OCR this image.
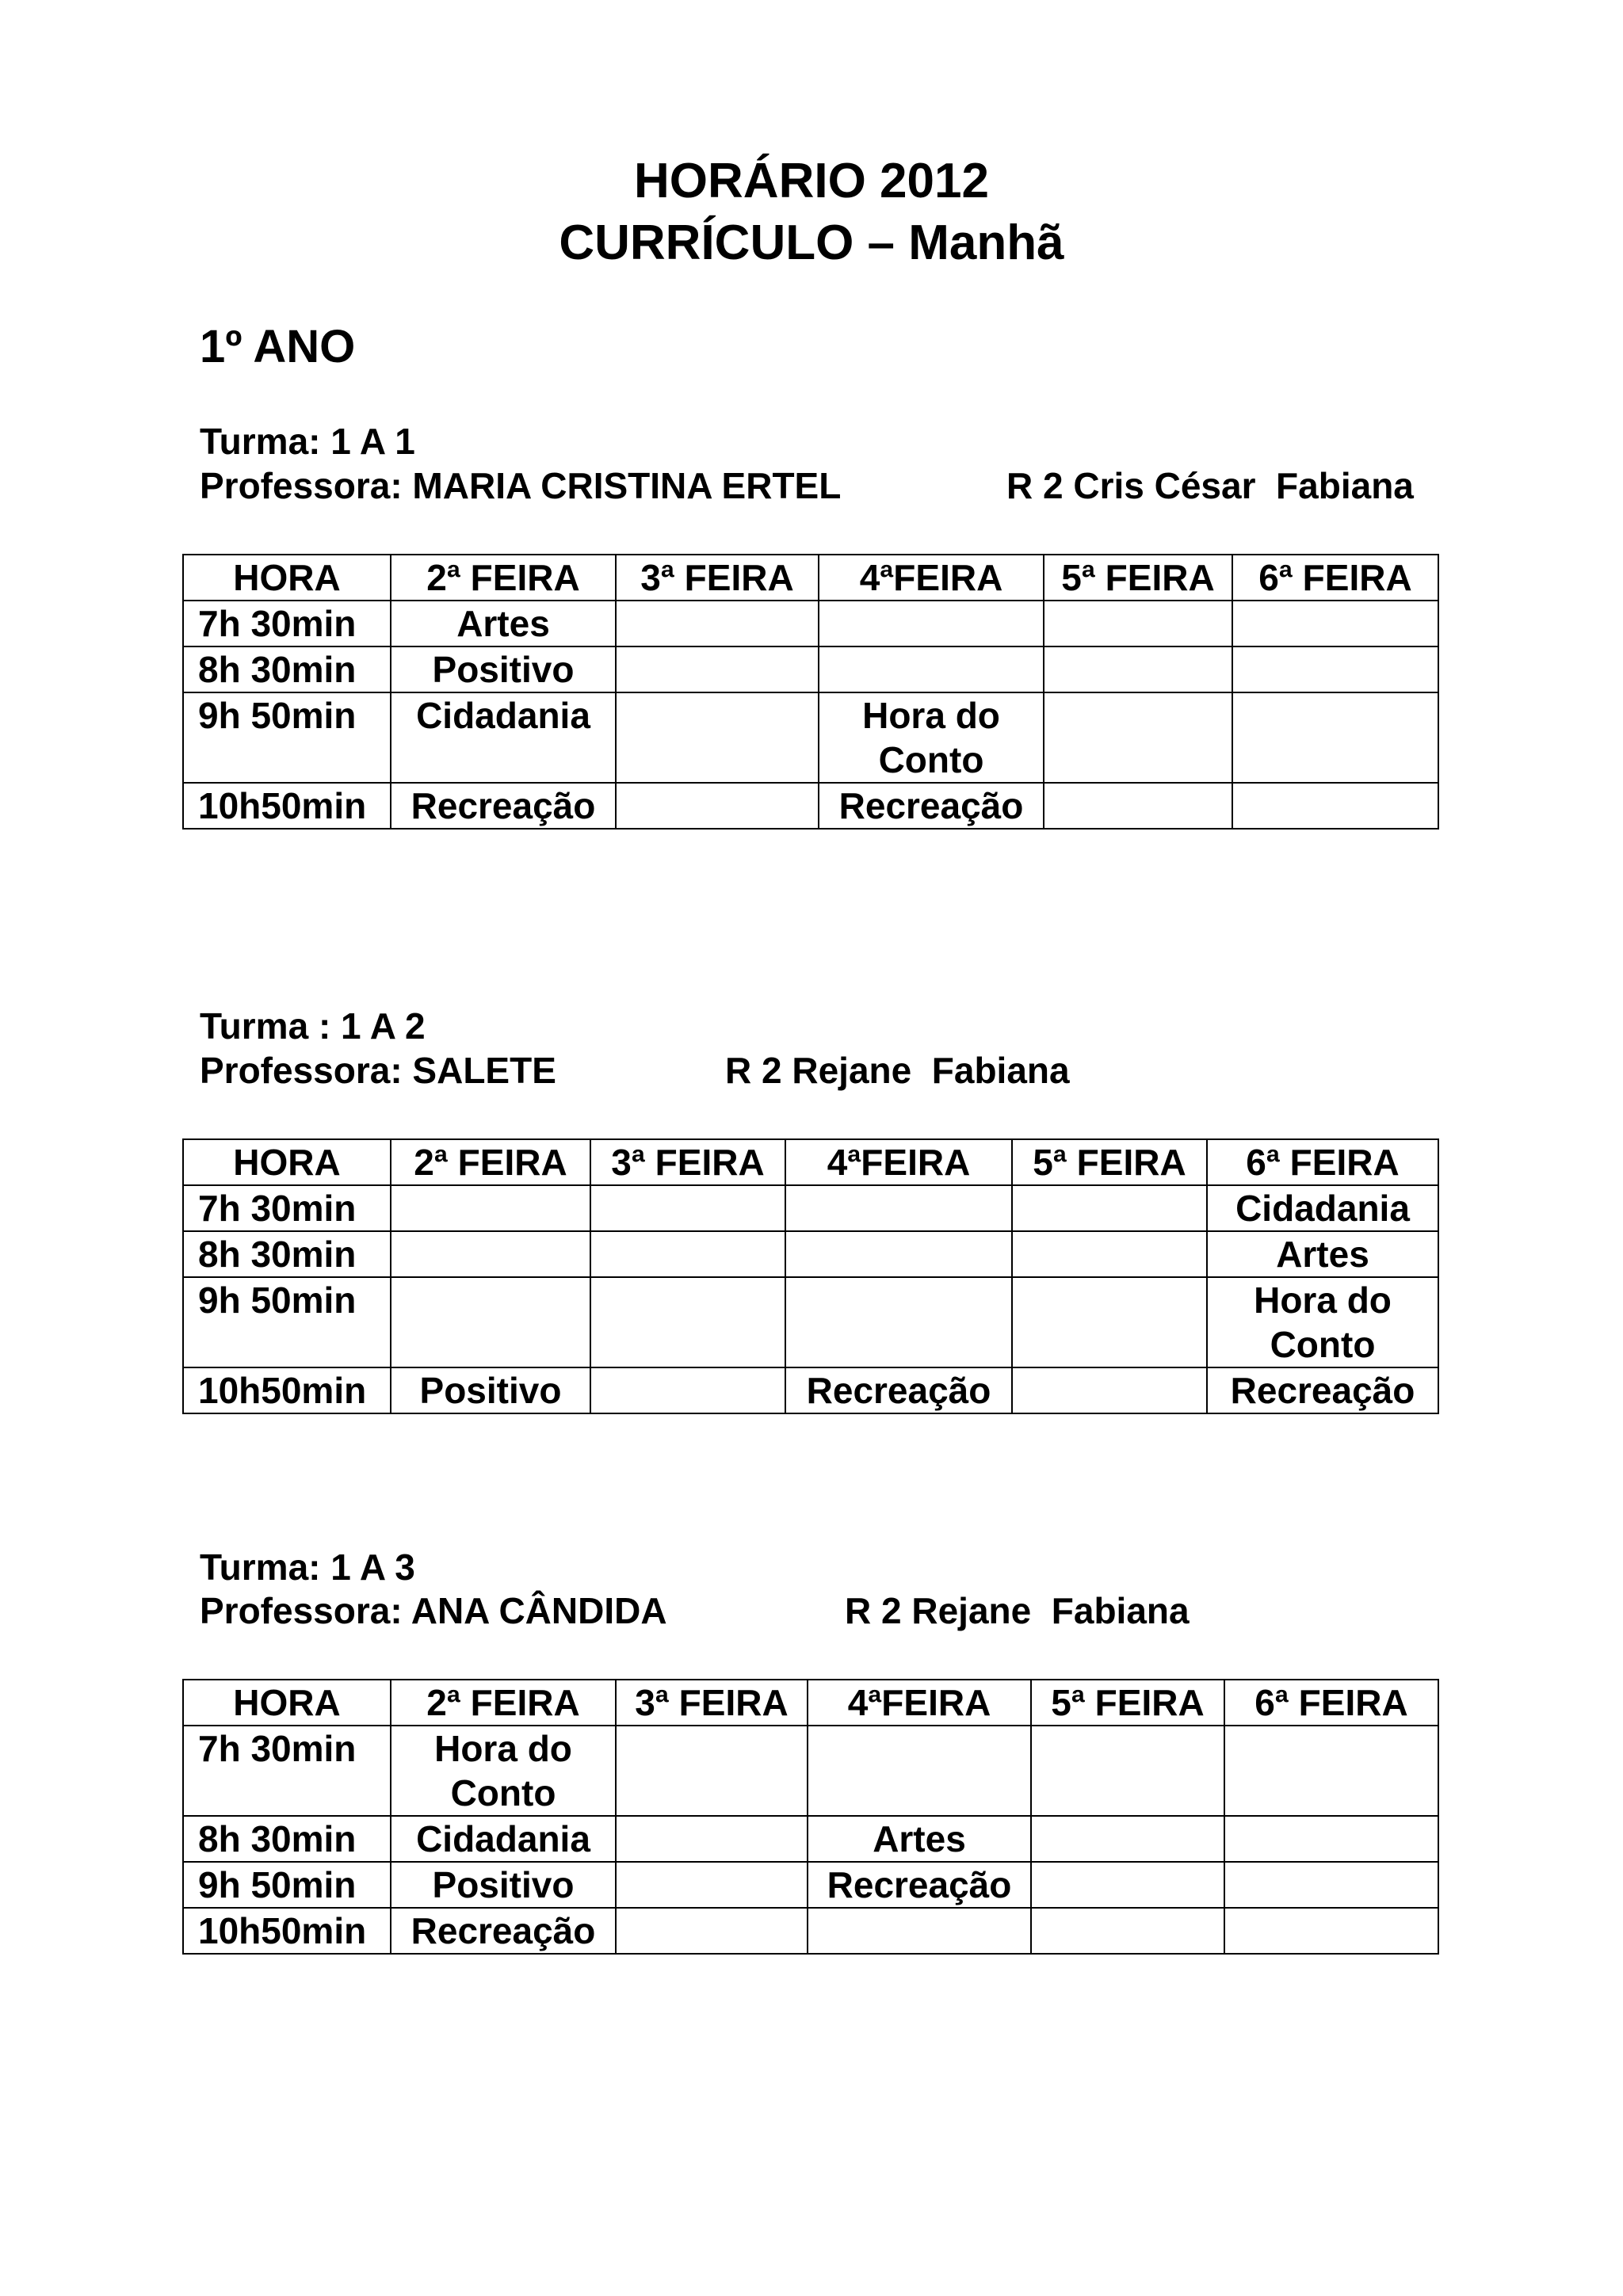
HORÁRIO 2012
CURRÍCULO – Manhã
1º ANO
Turma: 1 A 1
Professora: MARIA CRISTINA ERTEL	R 2 Cris César  Fabiana
HORA	2ª FEIRA	3ª FEIRA	4ªFEIRA	5ª FEIRA	6ª FEIRA
7h 30min	Artes				
8h 30min	Positivo				
9h 50min	Cidadania		Hora do Conto		
10h50min	Recreação		Recreação		
Turma : 1 A 2
Professora: SALETE	R 2 Rejane  Fabiana
HORA	2ª FEIRA	3ª FEIRA	4ªFEIRA	5ª FEIRA	6ª FEIRA
7h 30min					Cidadania
8h 30min					Artes
9h 50min					Hora do Conto
10h50min	Positivo		Recreação		Recreação
Turma: 1 A 3
Professora: ANA CÂNDIDA	R 2 Rejane  Fabiana
HORA	2ª FEIRA	3ª FEIRA	4ªFEIRA	5ª FEIRA	6ª FEIRA
7h 30min	Hora do Conto				
8h 30min	Cidadania		Artes		
9h 50min	Positivo		Recreação		
10h50min	Recreação				
